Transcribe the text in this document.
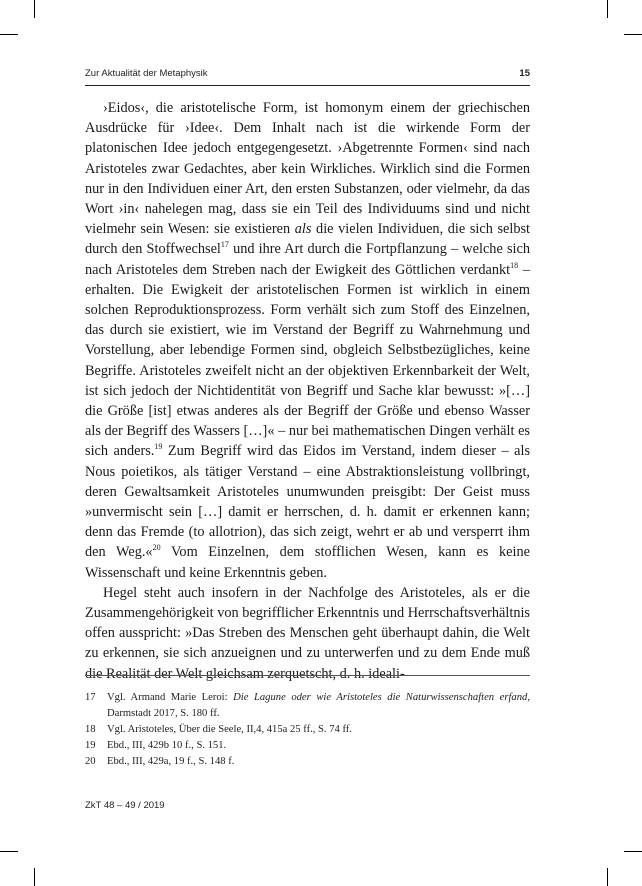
Zur Aktualität der Metaphysik	15

›Eidos‹, die aristotelische Form, ist homonym einem der griechischen Ausdrücke für ›Idee‹. Dem Inhalt nach ist die wirkende Form der platonischen Idee jedoch entgegengesetzt. ›Abgetrennte Formen‹ sind nach Aristoteles zwar Gedachtes, aber kein Wirkliches. Wirklich sind die Formen nur in den Individuen einer Art, den ersten Substanzen, oder vielmehr, da das Wort ›in‹ nahelegen mag, dass sie ein Teil des Individuums sind und nicht vielmehr sein Wesen: sie existieren als die vielen Individuen, die sich selbst durch den Stoffwechsel$^{17}$ und ihre Art durch die Fortpflanzung – welche sich nach Aristoteles dem Streben nach der Ewigkeit des Göttlichen verdankt$^{18}$ – erhalten. Die Ewigkeit der aristotelischen Formen ist wirklich in einem solchen Reproduktionsprozess. Form verhält sich zum Stoff des Einzelnen, das durch sie existiert, wie im Verstand der Begriff zu Wahrnehmung und Vorstellung, aber lebendige Formen sind, obgleich Selbstbezügliches, keine Begriffe. Aristoteles zweifelt nicht an der objektiven Erkennbarkeit der Welt, ist sich jedoch der Nichtidentität von Begriff und Sache klar bewusst: »[…] die Größe [ist] etwas anderes als der Begriff der Größe und ebenso Wasser als der Begriff des Wassers […]« – nur bei mathematischen Dingen verhält es sich anders.$^{19}$ Zum Begriff wird das Eidos im Verstand, indem dieser – als Nous poietikos, als tätiger Verstand – eine Abstraktionsleistung vollbringt, deren Gewaltsamkeit Aristoteles unumwunden preisgibt: Der Geist muss »unvermischt sein […] damit er herrschen, d. h. damit er erkennen kann; denn das Fremde (to allotrion), das sich zeigt, wehrt er ab und versperrt ihm den Weg.«$^{20}$ Vom Einzelnen, dem stofflichen Wesen, kann es keine Wissenschaft und keine Erkenntnis geben.

Hegel steht auch insofern in der Nachfolge des Aristoteles, als er die Zusammengehörigkeit von begrifflicher Erkenntnis und Herrschaftsverhältnis offen ausspricht: »Das Streben des Menschen geht überhaupt dahin, die Welt zu erkennen, sie sich anzueignen und zu unterwerfen und zu dem Ende muß die Realität der Welt gleichsam zerquetscht, d. h. ideali-

17	Vgl. Armand Marie Leroi: Die Lagune oder wie Aristoteles die Naturwissenschaften erfand, Darmstadt 2017, S. 180 ff.
18	Vgl. Aristoteles, Über die Seele, II,4, 415a 25 ff., S. 74 ff.
19	Ebd., III, 429b 10 f., S. 151.
20	Ebd., III, 429a, 19 f., S. 148 f.
ZkT 48 – 49 / 2019
